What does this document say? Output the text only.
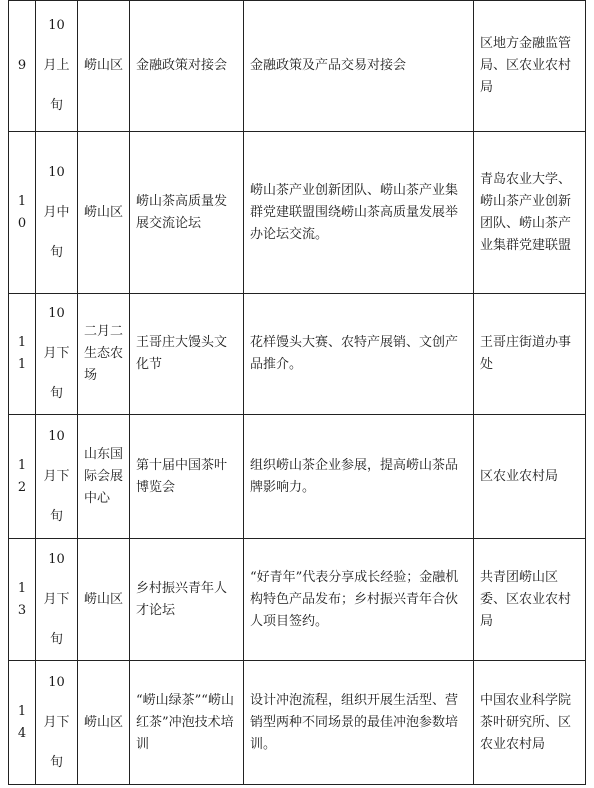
9	10
月上
旬	崂山区	金融政策对接会	金融政策及产品交易对接会	区地方金融监管局、区农业农村局
10	10
月中
旬	崂山区	崂山茶高质量发展交流论坛	崂山茶产业创新团队、崂山茶产业集群党建联盟围绕崂山茶高质量发展举办论坛交流。	青岛农业大学、崂山茶产业创新团队、崂山茶产业集群党建联盟
11	10
月下
旬	二月二生态农场	王哥庄大馒头文化节	花样馒头大赛、农特产展销、文创产品推介。	王哥庄街道办事处
12	10
月下
旬	山东国际会展中心	第十届中国茶叶博览会	组织崂山茶企业参展，提高崂山茶品牌影响力。	区农业农村局
13	10
月下
旬	崂山区	乡村振兴青年人才论坛	“好青年”代表分享成长经验；金融机构特色产品发布；乡村振兴青年合伙人项目签约。	共青团崂山区委、区农业农村局
14	10
月下
旬	崂山区	“崂山绿茶”“崂山红茶”冲泡技术培训	设计冲泡流程，组织开展生活型、营销型两种不同场景的最佳冲泡参数培训。	中国农业科学院茶叶研究所、区农业农村局
